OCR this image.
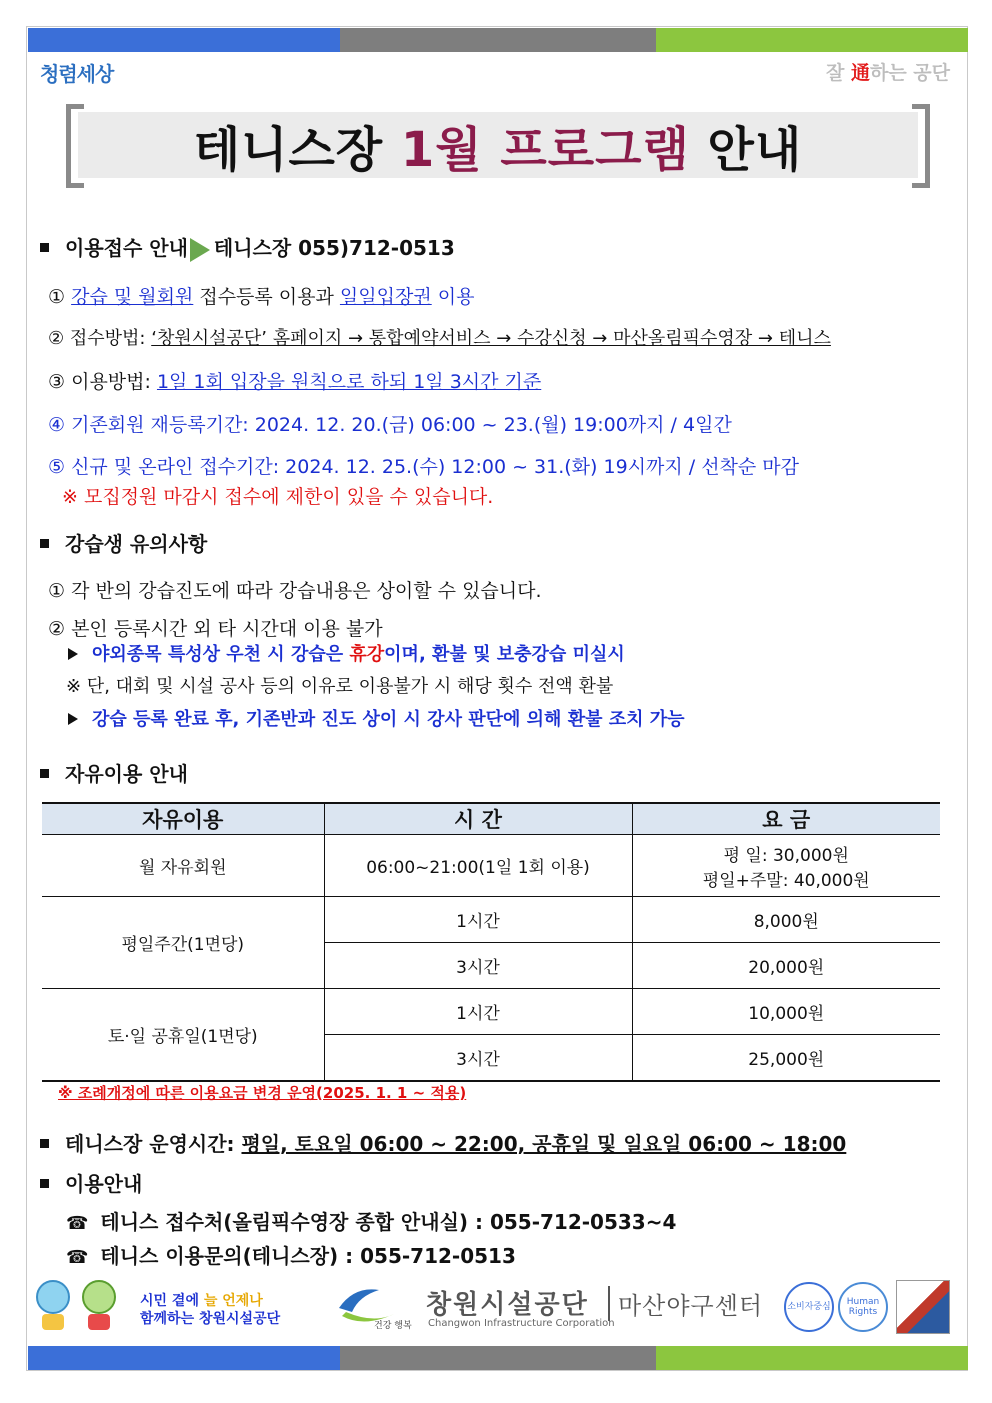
청렴세상	잘 通하는 공단
테니스장 1월 프로그램 안내
이용접수 안내 테니스장 055)712-0513
① 강습 및 월회원 접수등록 이용과 일일입장권 이용
② 접수방법: ‘창원시설공단’ 홈페이지 → 통합예약서비스 → 수강신청 → 마산올림픽수영장 → 테니스
③ 이용방법: 1일 1회 입장을 원칙으로 하되 1일 3시간 기준
④ 기존회원 재등록기간: 2024. 12. 20.(금) 06:00 ~ 23.(월) 19:00까지 / 4일간
⑤ 신규 및 온라인 접수기간: 2024. 12. 25.(수) 12:00 ~ 31.(화) 19시까지 / 선착순 마감
※ 모집정원 마감시 접수에 제한이 있을 수 있습니다.
강습생 유의사항
① 각 반의 강습진도에 따라 강습내용은 상이할 수 있습니다.
② 본인 등록시간 외 타 시간대 이용 불가
야외종목 특성상 우천 시 강습은 휴강이며, 환불 및 보충강습 미실시
※ 단, 대회 및 시설 공사 등의 이유로 이용불가 시 해당 횟수 전액 환불
강습 등록 완료 후, 기존반과 진도 상이 시 강사 판단에 의해 환불 조치 가능
자유이용 안내
자유이용	시 간	요 금
월 자유회원	06:00~21:00(1일 1회 이용)	평 일: 30,000원
평일+주말: 40,000원

평일주간(1면당)	1시간	8,000원
	3시간	20,000원
토·일 공휴일(1면당)	1시간	10,000원
	3시간	25,000원
※ 조례개정에 따른 이용요금 변경 운영(2025. 1. 1 ~ 적용)
테니스장 운영시간: 평일, 토요일 06:00 ~ 22:00, 공휴일 및 일요일 06:00 ~ 18:00
이용안내
☎ 테니스 접수처(올림픽수영장 종합 안내실) : 055-712-0533~4
☎ 테니스 이용문의(테니스장) : 055-712-0513
시민 곁에 늘 언제나
함께하는 창원시설공단	건강 행복
창원시설공단
Changwon Infrastructure Corporation
마산야구센터	소비자중심	Human Rights
